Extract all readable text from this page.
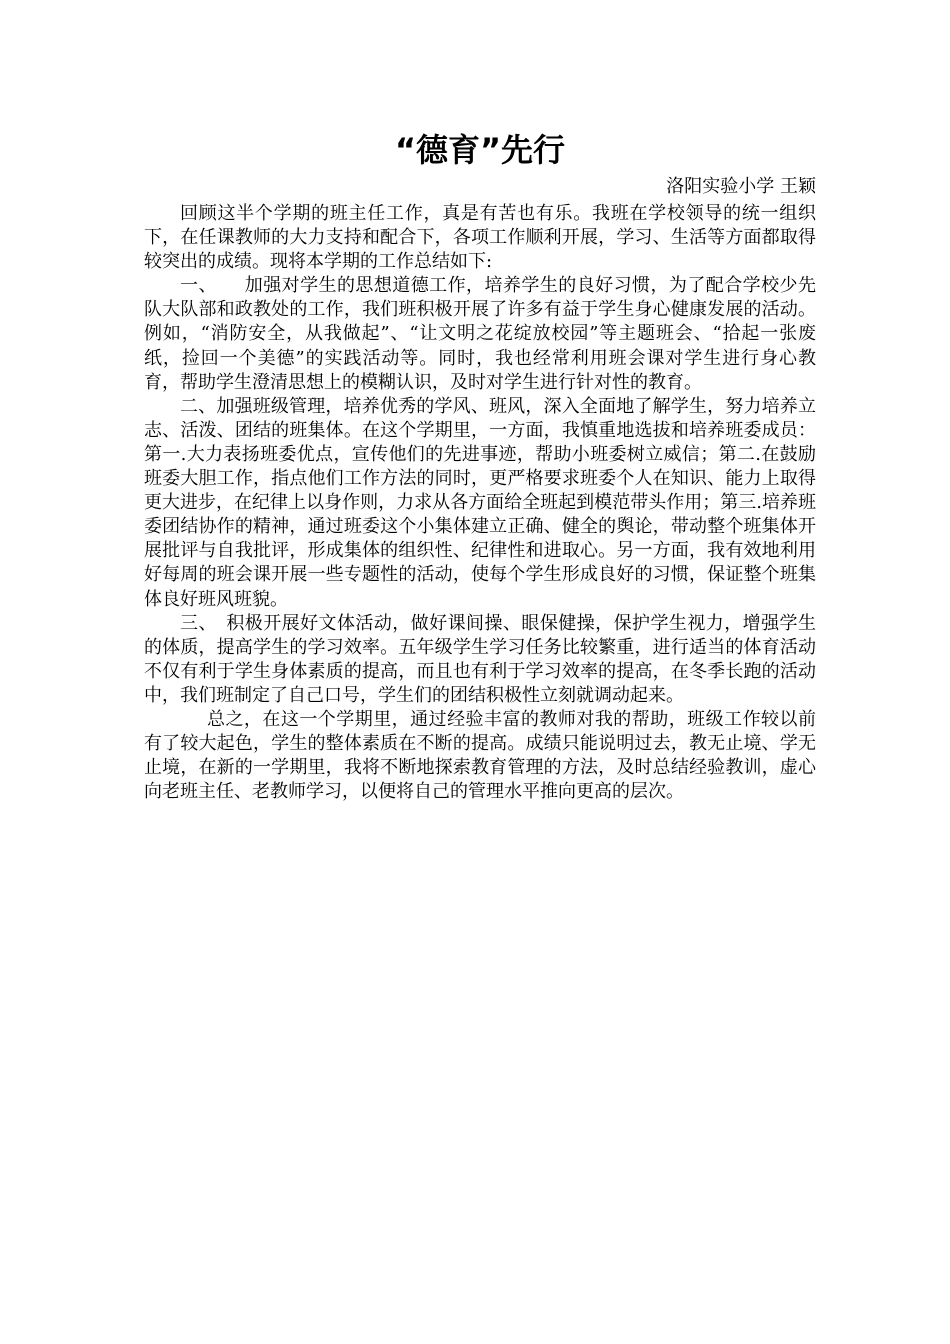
“德育”先行

洛阳实验小学 王颖

回顾这半个学期的班主任工作，真是有苦也有乐。我班在学校领导的统一组织下，在任课教师的大力支持和配合下，各项工作顺利开展，学习、生活等方面都取得较突出的成绩。现将本学期的工作总结如下:

一、　　加强对学生的思想道德工作，培养学生的良好习惯，为了配合学校少先队大队部和政教处的工作，我们班积极开展了许多有益于学生身心健康发展的活动。例如，“消防安全，从我做起”、“让文明之花绽放校园”等主题班会、“拾起一张废纸，捡回一个美德”的实践活动等。同时，我也经常利用班会课对学生进行身心教育，帮助学生澄清思想上的模糊认识，及时对学生进行针对性的教育。

二、加强班级管理，培养优秀的学风、班风，深入全面地了解学生，努力培养立志、活泼、团结的班集体。在这个学期里，一方面，我慎重地选拔和培养班委成员：第一.大力表扬班委优点，宣传他们的先进事迹，帮助小班委树立威信；第二.在鼓励班委大胆工作，指点他们工作方法的同时，更严格要求班委个人在知识、能力上取得更大进步，在纪律上以身作则，力求从各方面给全班起到模范带头作用；第三.培养班委团结协作的精神，通过班委这个小集体建立正确、健全的舆论，带动整个班集体开展批评与自我批评，形成集体的组织性、纪律性和进取心。另一方面，我有效地利用好每周的班会课开展一些专题性的活动，使每个学生形成良好的习惯，保证整个班集体良好班风班貌。

三、　积极开展好文体活动，做好课间操、眼保健操，保护学生视力，增强学生的体质，提高学生的学习效率。五年级学生学习任务比较繁重，进行适当的体育活动不仅有利于学生身体素质的提高，而且也有利于学习效率的提高，在冬季长跑的活动中，我们班制定了自己口号，学生们的团结积极性立刻就调动起来。

总之，在这一个学期里，通过经验丰富的教师对我的帮助，班级工作较以前有了较大起色，学生的整体素质在不断的提高。成绩只能说明过去，教无止境、学无止境，在新的一学期里，我将不断地探索教育管理的方法，及时总结经验教训，虚心向老班主任、老教师学习，以便将自己的管理水平推向更高的层次。
